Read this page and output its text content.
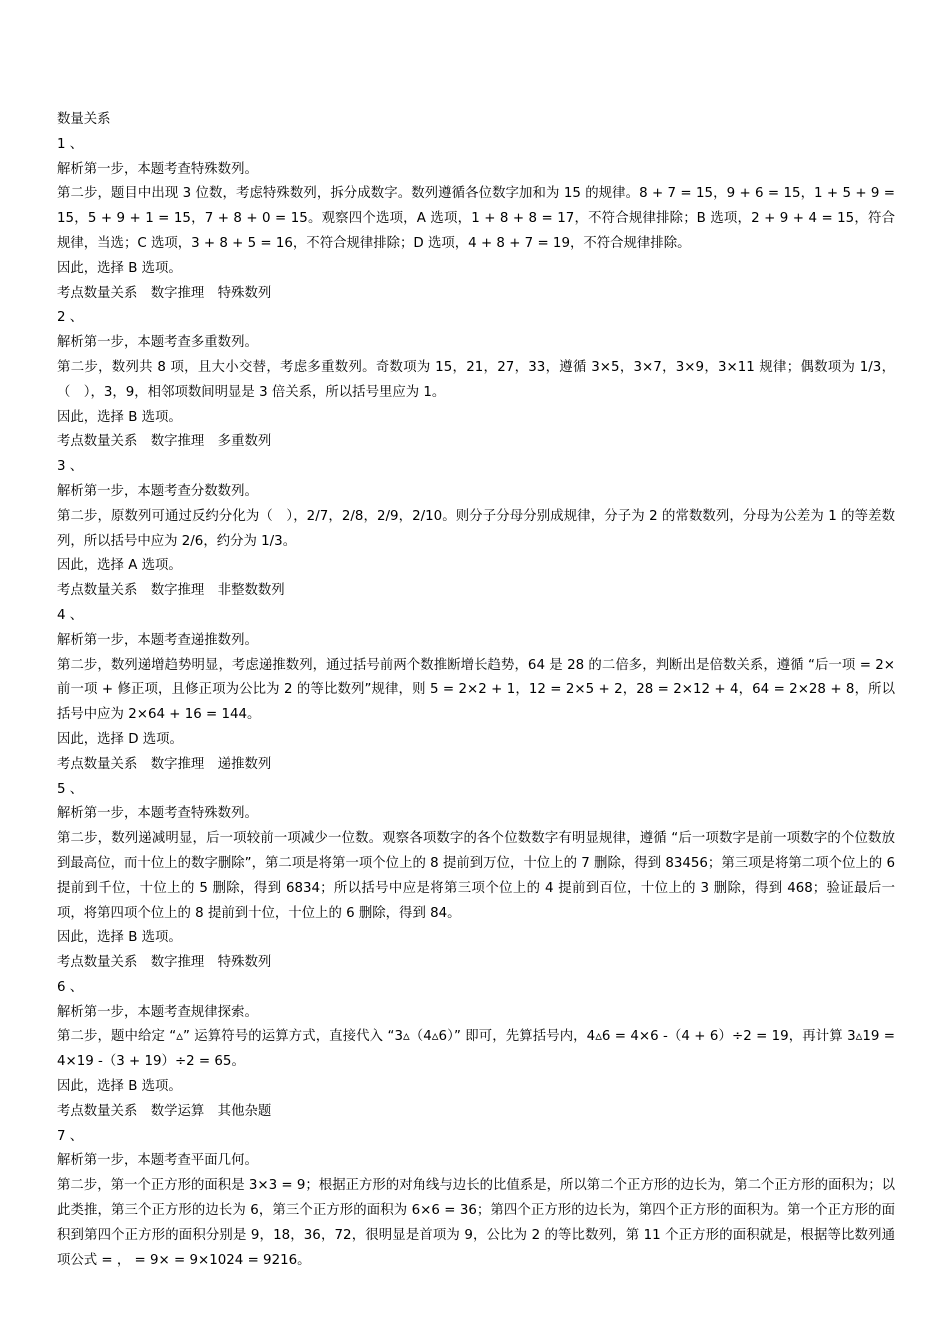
数量关系
1 、
解析第一步，本题考查特殊数列。
第二步，题目中出现 3 位数，考虑特殊数列，拆分成数字。数列遵循各位数字加和为 15 的规律。8 + 7 = 15，9 + 6 = 15，1 + 5 + 9 = 15，5 + 9 + 1 = 15，7 + 8 + 0 = 15。观察四个选项，A 选项，1 + 8 + 8 = 17，不符合规律排除；B 选项，2 + 9 + 4 = 15，符合规律，当选；C 选项，3 + 8 + 5 = 16，不符合规律排除；D 选项，4 + 8 + 7 = 19，不符合规律排除。
因此，选择 B 选项。
考点数量关系　数字推理　特殊数列
2 、
解析第一步，本题考查多重数列。
第二步，数列共 8 项，且大小交替，考虑多重数列。奇数项为 15，21，27，33，遵循 3×5，3×7，3×9，3×11 规律；偶数项为 1/3，（　），3，9，相邻项数间明显是 3 倍关系，所以括号里应为 1。
因此，选择 B 选项。
考点数量关系　数字推理　多重数列
3 、
解析第一步，本题考查分数数列。
第二步，原数列可通过反约分化为（　），2/7，2/8，2/9，2/10。则分子分母分别成规律，分子为 2 的常数数列，分母为公差为 1 的等差数列，所以括号中应为 2/6，约分为 1/3。
因此，选择 A 选项。
考点数量关系　数字推理　非整数数列
4 、
解析第一步，本题考查递推数列。
第二步，数列递增趋势明显，考虑递推数列，通过括号前两个数推断增长趋势，64 是 28 的二倍多，判断出是倍数关系，遵循 “后一项 = 2× 前一项 + 修正项，且修正项为公比为 2 的等比数列”规律，则 5 = 2×2 + 1，12 = 2×5 + 2，28 = 2×12 + 4，64 = 2×28 + 8，所以括号中应为 2×64 + 16 = 144。
因此，选择 D 选项。
考点数量关系　数字推理　递推数列
5 、
解析第一步，本题考查特殊数列。
第二步，数列递减明显，后一项较前一项减少一位数。观察各项数字的各个位数数字有明显规律，遵循 “后一项数字是前一项数字的个位数放到最高位，而十位上的数字删除”，第二项是将第一项个位上的 8 提前到万位，十位上的 7 删除，得到 83456；第三项是将第二项个位上的 6 提前到千位，十位上的 5 删除，得到 6834；所以括号中应是将第三项个位上的 4 提前到百位，十位上的 3 删除，得到 468；验证最后一项，将第四项个位上的 8 提前到十位，十位上的 6 删除，得到 84。
因此，选择 B 选项。
考点数量关系　数字推理　特殊数列
6 、
解析第一步，本题考查规律探索。
第二步，题中给定 “▵” 运算符号的运算方式，直接代入 “3▵（4▵6）” 即可，先算括号内，4▵6 = 4×6 -（4 + 6）÷2 = 19，再计算 3▵19 = 4×19 -（3 + 19）÷2 = 65。
因此，选择 B 选项。
考点数量关系　数学运算　其他杂题
7 、
解析第一步，本题考查平面几何。
第二步，第一个正方形的面积是 3×3 = 9；根据正方形的对角线与边长的比值系是，所以第二个正方形的边长为，第二个正方形的面积为；以此类推，第三个正方形的边长为 6，第三个正方形的面积为 6×6 = 36；第四个正方形的边长为，第四个正方形的面积为。第一个正方形的面积到第四个正方形的面积分别是 9，18，36，72，很明显是首项为 9，公比为 2 的等比数列，第 11 个正方形的面积就是，根据等比数列通项公式 = ， = 9× = 9×1024 = 9216。
